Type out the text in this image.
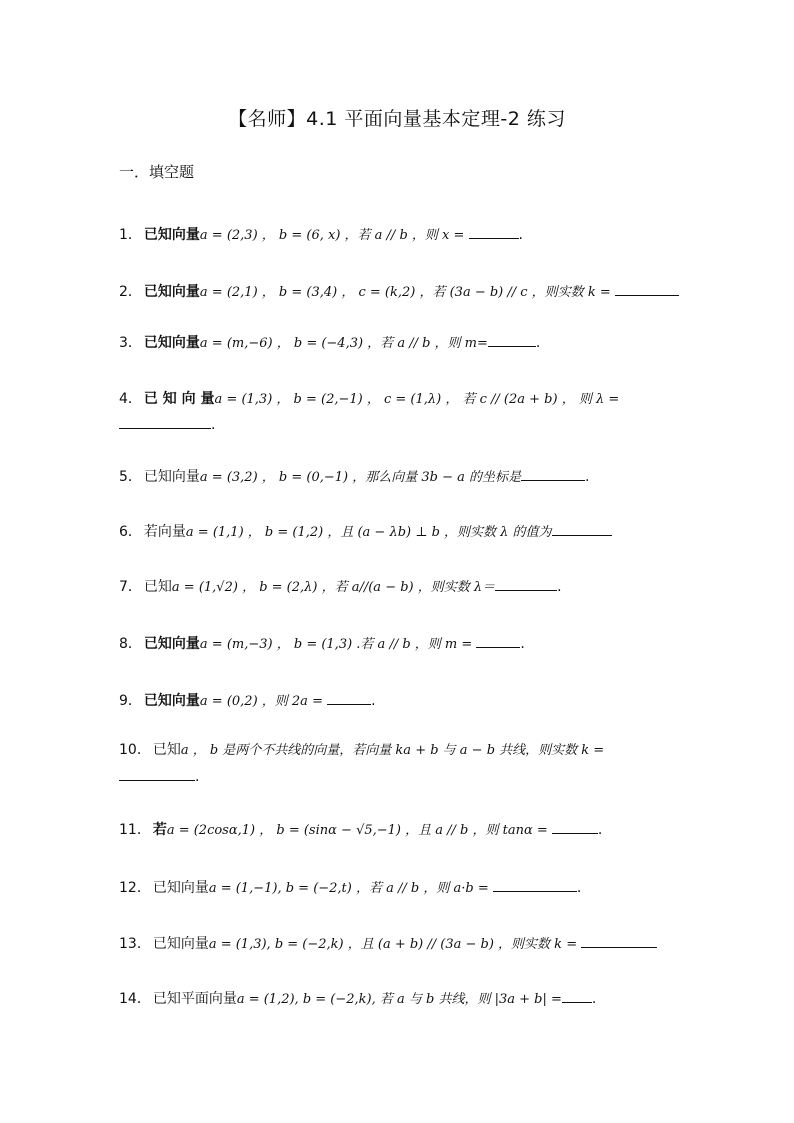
【名师】4.1 平面向量基本定理-2 练习
一．填空题
1． 已知向量a = (2,3) ， b = (6, x) ，若 a // b ，则 x =	.
2． 已知向量a = (2,1) ， b = (3,4) ， c = (k,2) ，若 (3a − b) // c ，则实数 k =
3． 已知向量a = (m,−6) ， b = (−4,3) ，若 a // b ，则 m=	.
4． 已 知 向 量a = (1,3) ， b = (2,−1) ， c = (1,λ) ， 若 c // (2a + b) ， 则 λ =
.
5． 已知向量a = (3,2) ， b = (0,−1) ，那么向量 3b − a 的坐标是	.
6． 若向量a = (1,1) ， b = (1,2) ，且 (a − λb) ⊥ b ，则实数 λ 的值为
7． 已知a = (1,√2) ， b = (2,λ) ，若 a//(a − b) ，则实数 λ＝	.
8． 已知向量a = (m,−3) ， b = (1,3) .若 a // b ，则 m =	.
9． 已知向量a = (0,2) ，则 2a =	.
10． 已知a ， b 是两个不共线的向量，若向量 ka + b 与 a − b 共线，则实数 k =
.
11． 若a = (2cosα,1) ， b = (sinα − √5,−1) ，且 a // b ，则 tanα =	.
12． 已知向量a = (1,−1), b = (−2,t) ，若 a // b ，则 a·b =	.
13． 已知向量a = (1,3), b = (−2,k) ，且 (a + b) // (3a − b) ，则实数 k =
14． 已知平面向量a = (1,2), b = (−2,k), 若 a 与 b 共线，则 |3a + b| = .
